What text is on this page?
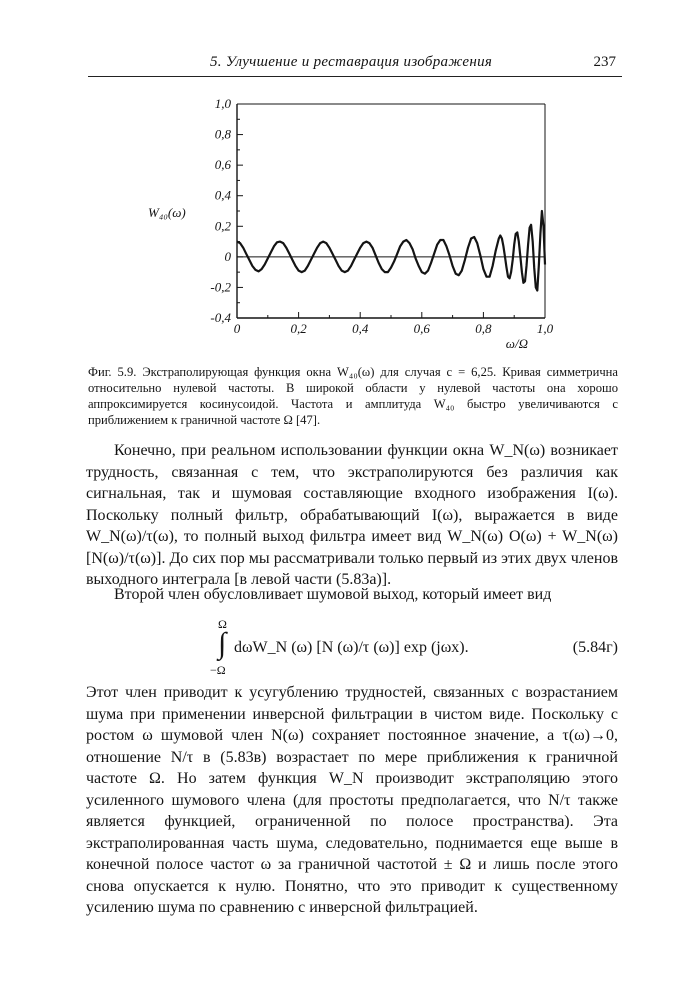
5. Улучшение и реставрация изображения	237
1,0
0,8
0,6
0,4
0,2
0
-0,2
-0,4
0	0,2	0,4	0,6	0,8	1,0
W₄₀(ω)
ω/Ω
Фиг. 5.9. Экстраполирующая функция окна W₄₀(ω) для случая c = 6,25. Кривая симметрична относительно нулевой частоты. В широкой области у нулевой частоты она хорошо аппроксимируется косинусоидой. Частота и амплитуда W₄₀ быстро увеличиваются с приближением к граничной частоте Ω [47].
Конечно, при реальном использовании функции окна W_N(ω) возникает трудность, связанная с тем, что экстраполируются без различия как сигнальная, так и шумовая составляющие входного изображения I(ω). Поскольку полный фильтр, обрабатывающий I(ω), выражается в виде W_N(ω)/τ(ω), то полный выход фильтра имеет вид W_N(ω) O(ω) + W_N(ω) [N(ω)/τ(ω)]. До сих пор мы рассматривали только первый из этих двух членов выходного интеграла [в левой части (5.83а)].
Второй член обусловливает шумовой выход, который имеет вид
Ω
∫
−Ω
dωW_N (ω) [N (ω)/τ (ω)] exp (jωx).	(5.84г)
Этот член приводит к усугублению трудностей, связанных с возрастанием шума при применении инверсной фильтрации в чистом виде. Поскольку с ростом ω шумовой член N(ω) сохраняет постоянное значение, а τ(ω)→0, отношение N/τ в (5.83в) возрастает по мере приближения к граничной частоте Ω. Но затем функция W_N производит экстраполяцию этого усиленного шумового члена (для простоты предполагается, что N/τ также является функцией, ограниченной по полосе пространства). Эта экстраполированная часть шума, следовательно, поднимается еще выше в конечной полосе частот ω за граничной частотой ± Ω и лишь после этого снова опускается к нулю. Понятно, что это приводит к существенному усилению шума по сравнению с инверсной фильтрацией.
